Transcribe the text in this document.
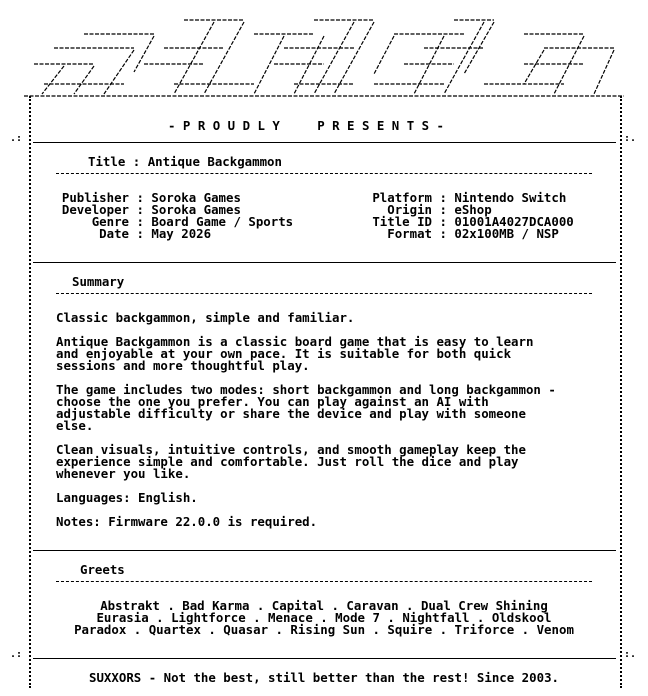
.:	:.
.:	:.
- P R O U D L Y     P R E S E N T S -
Title : Antique Backgammon
Publisher : Soroka Games
Developer : Soroka Games
Genre : Board Game / Sports
Date : May 2026
Platform : Nintendo Switch
Origin : eShop
Title ID : 01001A4027DCA000
Format : 02x100MB / NSP
Summary
Classic backgammon, simple and familiar.
Antique Backgammon is a classic board game that is easy to learn
and enjoyable at your own pace. It is suitable for both quick
sessions and more thoughtful play.
The game includes two modes: short backgammon and long backgammon -
choose the one you prefer. You can play against an AI with
adjustable difficulty or share the device and play with someone
else.
Clean visuals, intuitive controls, and smooth gameplay keep the
experience simple and comfortable. Just roll the dice and play
whenever you like.
Languages: English.
Notes: Firmware 22.0.0 is required.
Greets
Abstrakt . Bad Karma . Capital . Caravan . Dual Crew Shining
Eurasia . Lightforce . Menace . Mode 7 . Nightfall . Oldskool
Paradox . Quartex . Quasar . Rising Sun . Squire . Triforce . Venom
SUXXORS - Not the best, still better than the rest! Since 2003.
